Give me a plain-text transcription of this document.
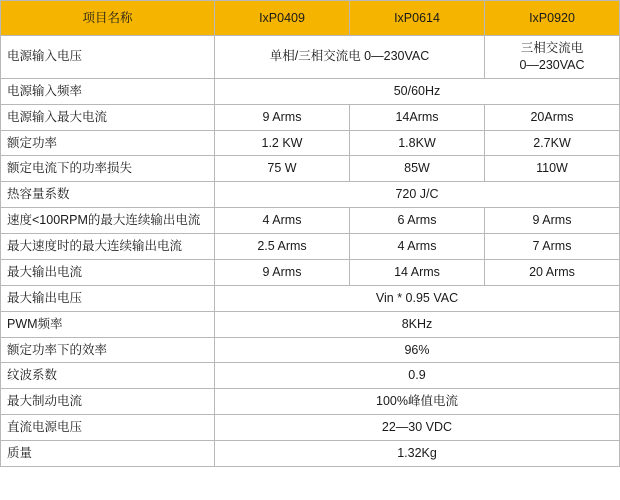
项目名称	IxP0409	IxP0614	IxP0920
电源输入电压	单相/三相交流电 0—230VAC		三相交流电
0—230VAC
电源输入频率	50/60Hz		
电源输入最大电流	9 Arms	14Arms	20Arms
额定功率	1.2 KW	1.8KW	2.7KW
额定电流下的功率损失	75 W	85W	110W
热容量系数	720 J/C		
速度<100RPM的最大连续输出电流	4 Arms	6 Arms	9 Arms
最大速度时的最大连续输出电流	2.5 Arms	4 Arms	7 Arms
最大输出电流	9 Arms	14 Arms	20 Arms
最大输出电压	Vin * 0.95 VAC		
PWM频率	8KHz		
额定功率下的效率	96%		
纹波系数	0.9		
最大制动电流	100%峰值电流		
直流电源电压	22—30 VDC		
质量	1.32Kg		
